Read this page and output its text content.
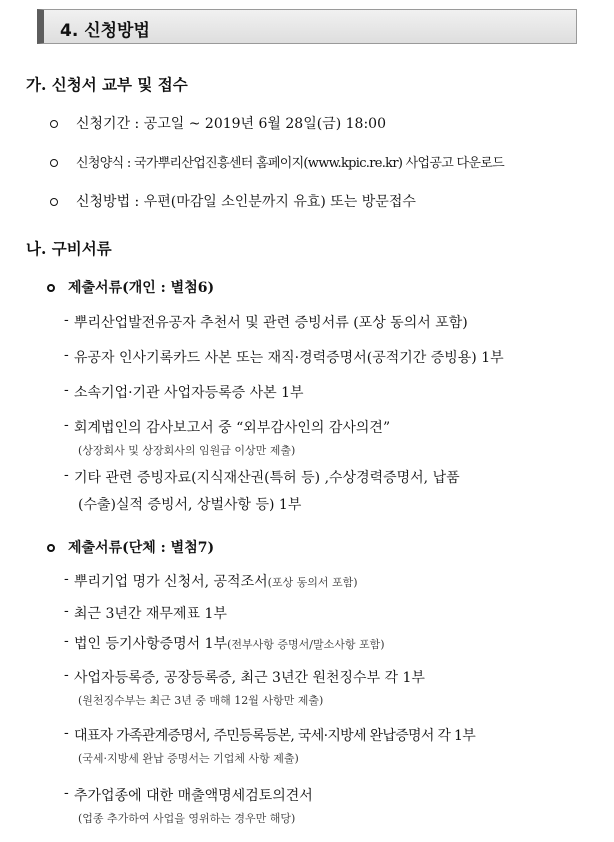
4. 신청방법
가. 신청서 교부 및 접수
신청기간 : 공고일 ~ 2019년 6월 28일(금) 18:00
신청양식 : 국가뿌리산업진흥센터 홈페이지(www.kpic.re.kr) 사업공고 다운로드
신청방법 : 우편(마감일 소인분까지 유효) 또는 방문접수
나. 구비서류
제출서류(개인 : 별첨6)
- 뿌리산업발전유공자 추천서 및 관련 증빙서류 (포상 동의서 포함)
- 유공자 인사기록카드 사본 또는 재직·경력증명서(공적기간 증빙용) 1부
- 소속기업·기관 사업자등록증 사본 1부
- 회계법인의 감사보고서 중 “외부감사인의 감사의견”
(상장회사 및 상장회사의 임원급 이상만 제출)
- 기타 관련 증빙자료(지식재산권(특허 등) ,수상경력증명서, 납품
(수출)실적 증빙서, 상벌사항 등) 1부
제출서류(단체 : 별첨7)
- 뿌리기업 명가 신청서, 공적조서(포상 동의서 포함)
- 최근 3년간 재무제표 1부
- 법인 등기사항증명서 1부(전부사항 증명서/말소사항 포함)
- 사업자등록증, 공장등록증, 최근 3년간 원천징수부 각 1부
(원천징수부는 최근 3년 중 매해 12월 사항만 제출)
- 대표자 가족관계증명서, 주민등록등본, 국세·지방세 완납증명서 각 1부
(국세·지방세 완납 증명서는 기업체 사항 제출)
- 추가업종에 대한 매출액명세검토의견서
(업종 추가하여 사업을 영위하는 경우만 해당)
